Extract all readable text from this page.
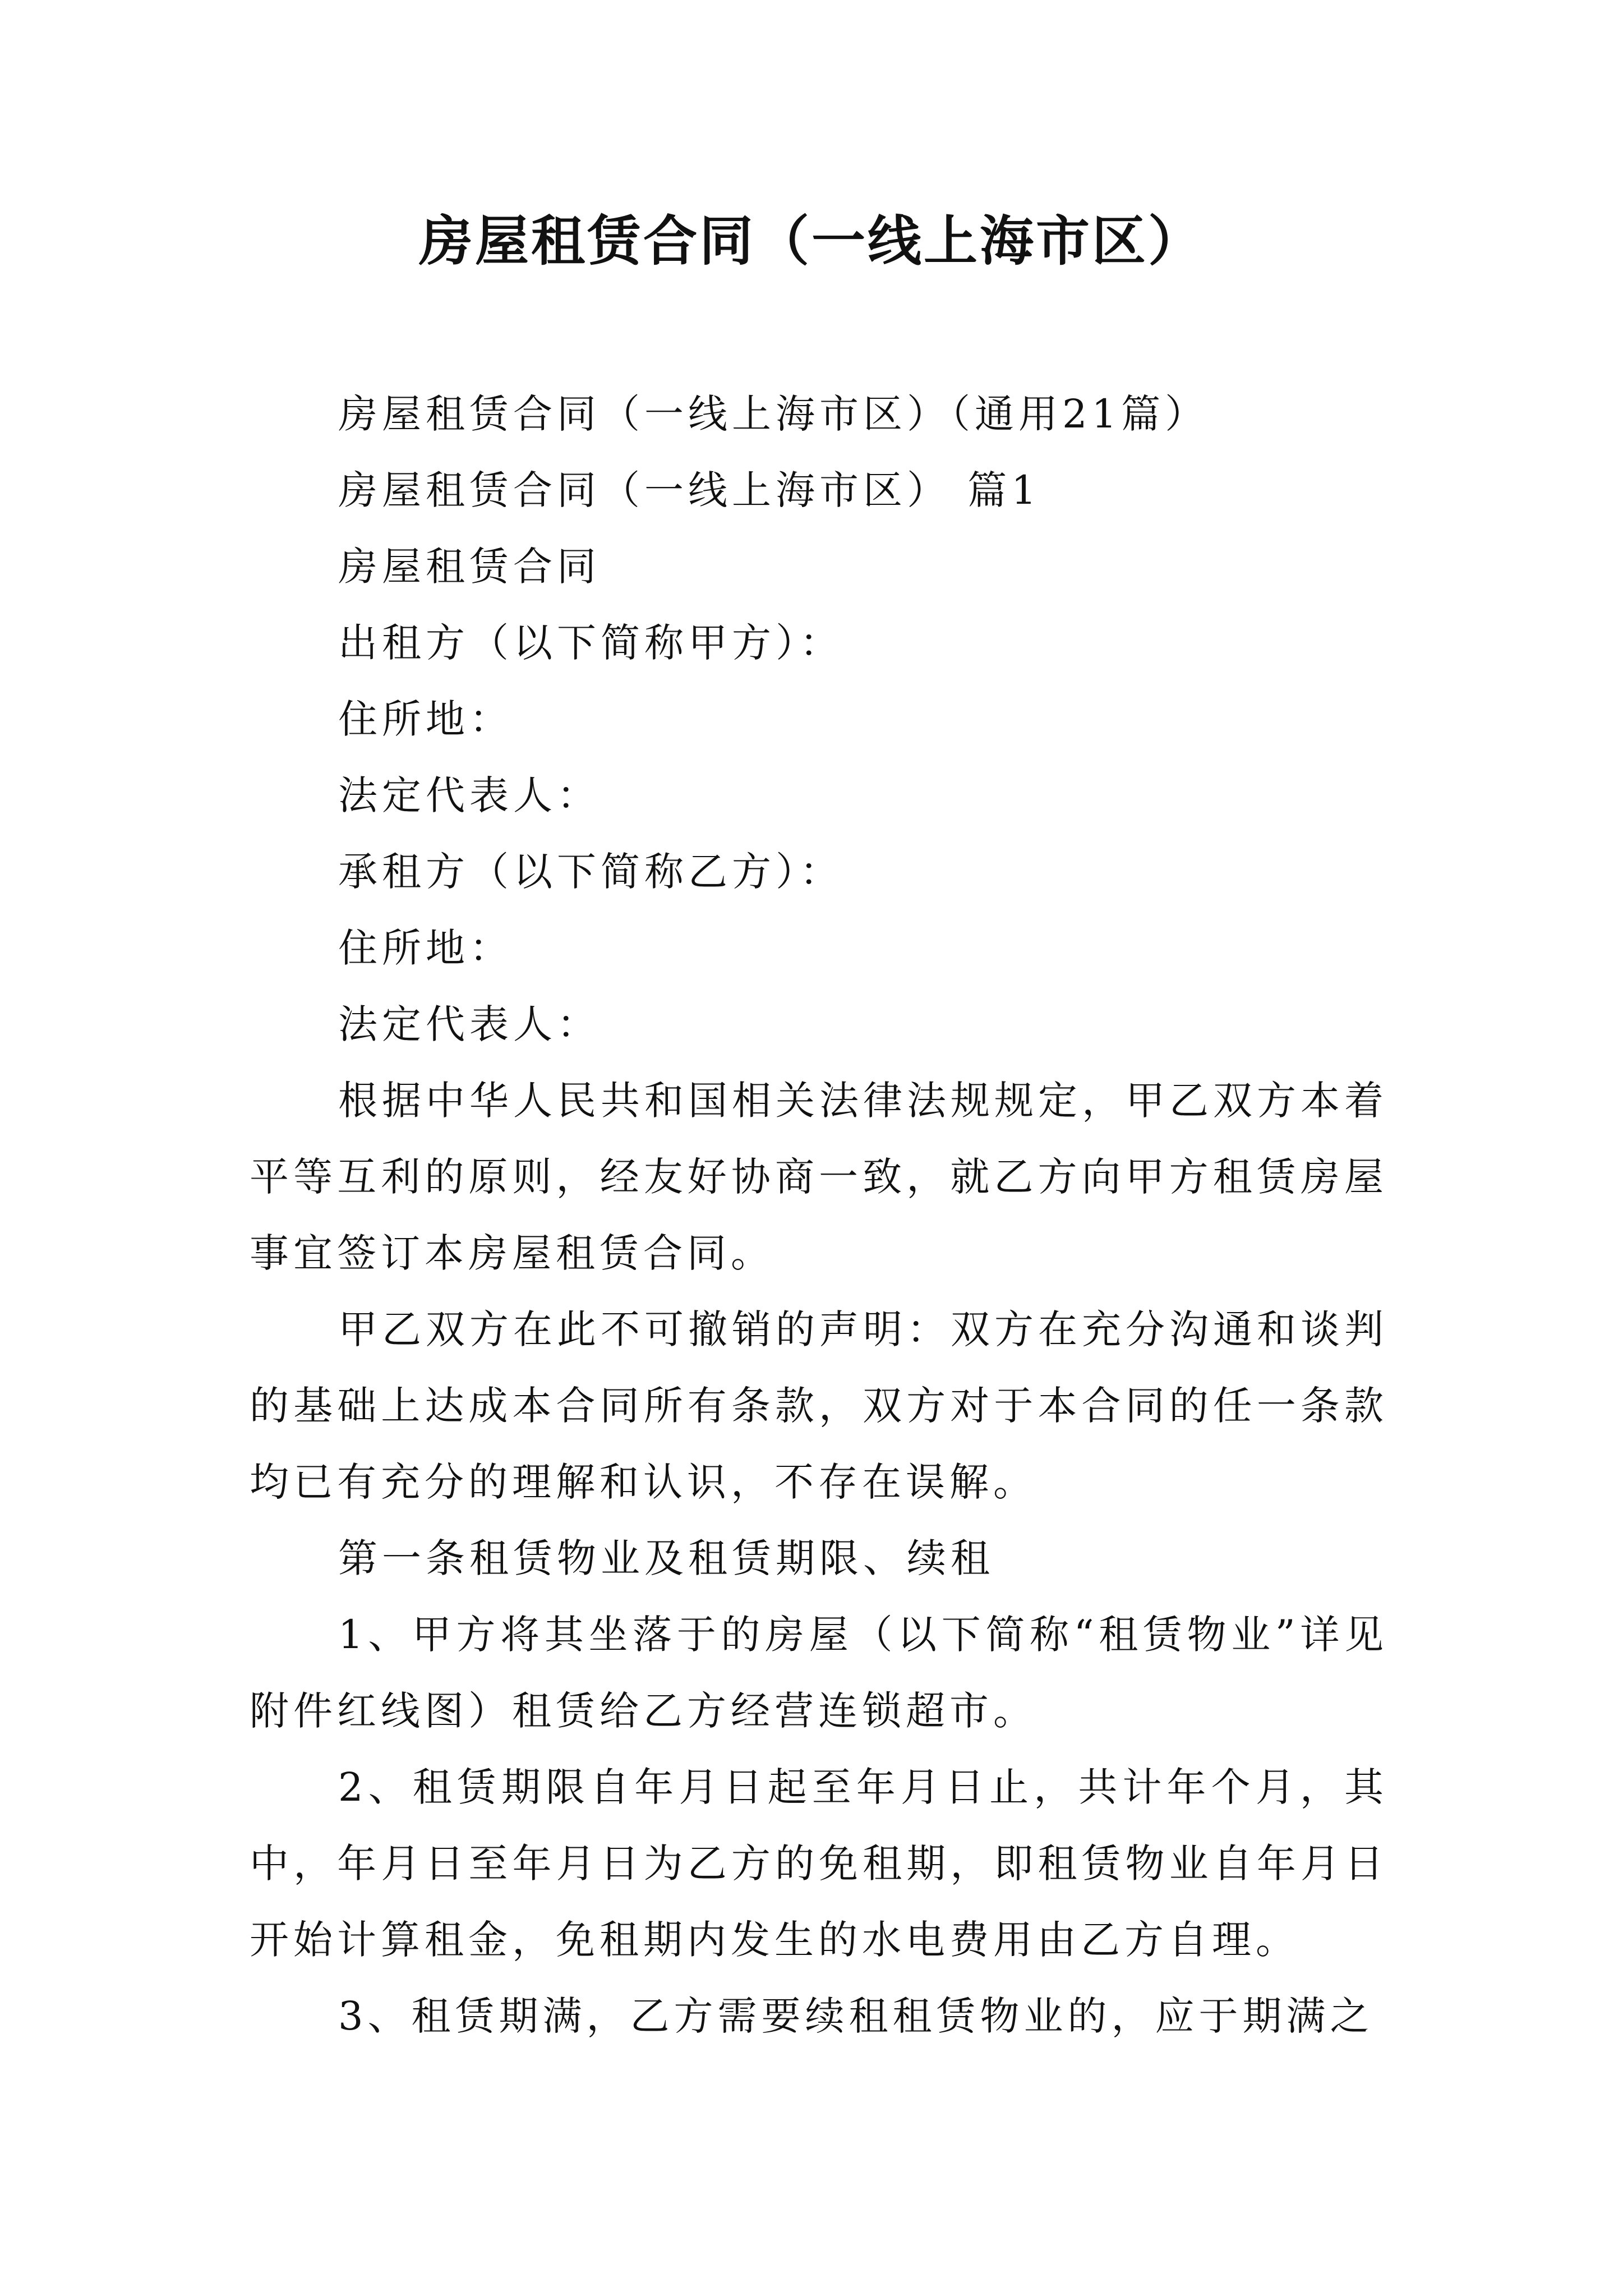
房屋租赁合同（一线上海市区）

房屋租赁合同（一线上海市区）（通用21篇）

房屋租赁合同（一线上海市区） 篇1

房屋租赁合同

出租方（以下简称甲方）：

住所地：

法定代表人：

承租方（以下简称乙方）：

住所地：

法定代表人：

根据中华人民共和国相关法律法规规定，甲乙双方本着平等互利的原则，经友好协商一致，就乙方向甲方租赁房屋事宜签订本房屋租赁合同。

甲乙双方在此不可撤销的声明：双方在充分沟通和谈判的基础上达成本合同所有条款，双方对于本合同的任一条款均已有充分的理解和认识，不存在误解。

第一条租赁物业及租赁期限、续租

1、甲方将其坐落于的房屋（以下简称“租赁物业”详见附件红线图）租赁给乙方经营连锁超市。

2、租赁期限自年月日起至年月日止，共计年个月，其中，年月日至年月日为乙方的免租期，即租赁物业自年月日开始计算租金，免租期内发生的水电费用由乙方自理。

3、租赁期满，乙方需要续租租赁物业的，应于期满之
